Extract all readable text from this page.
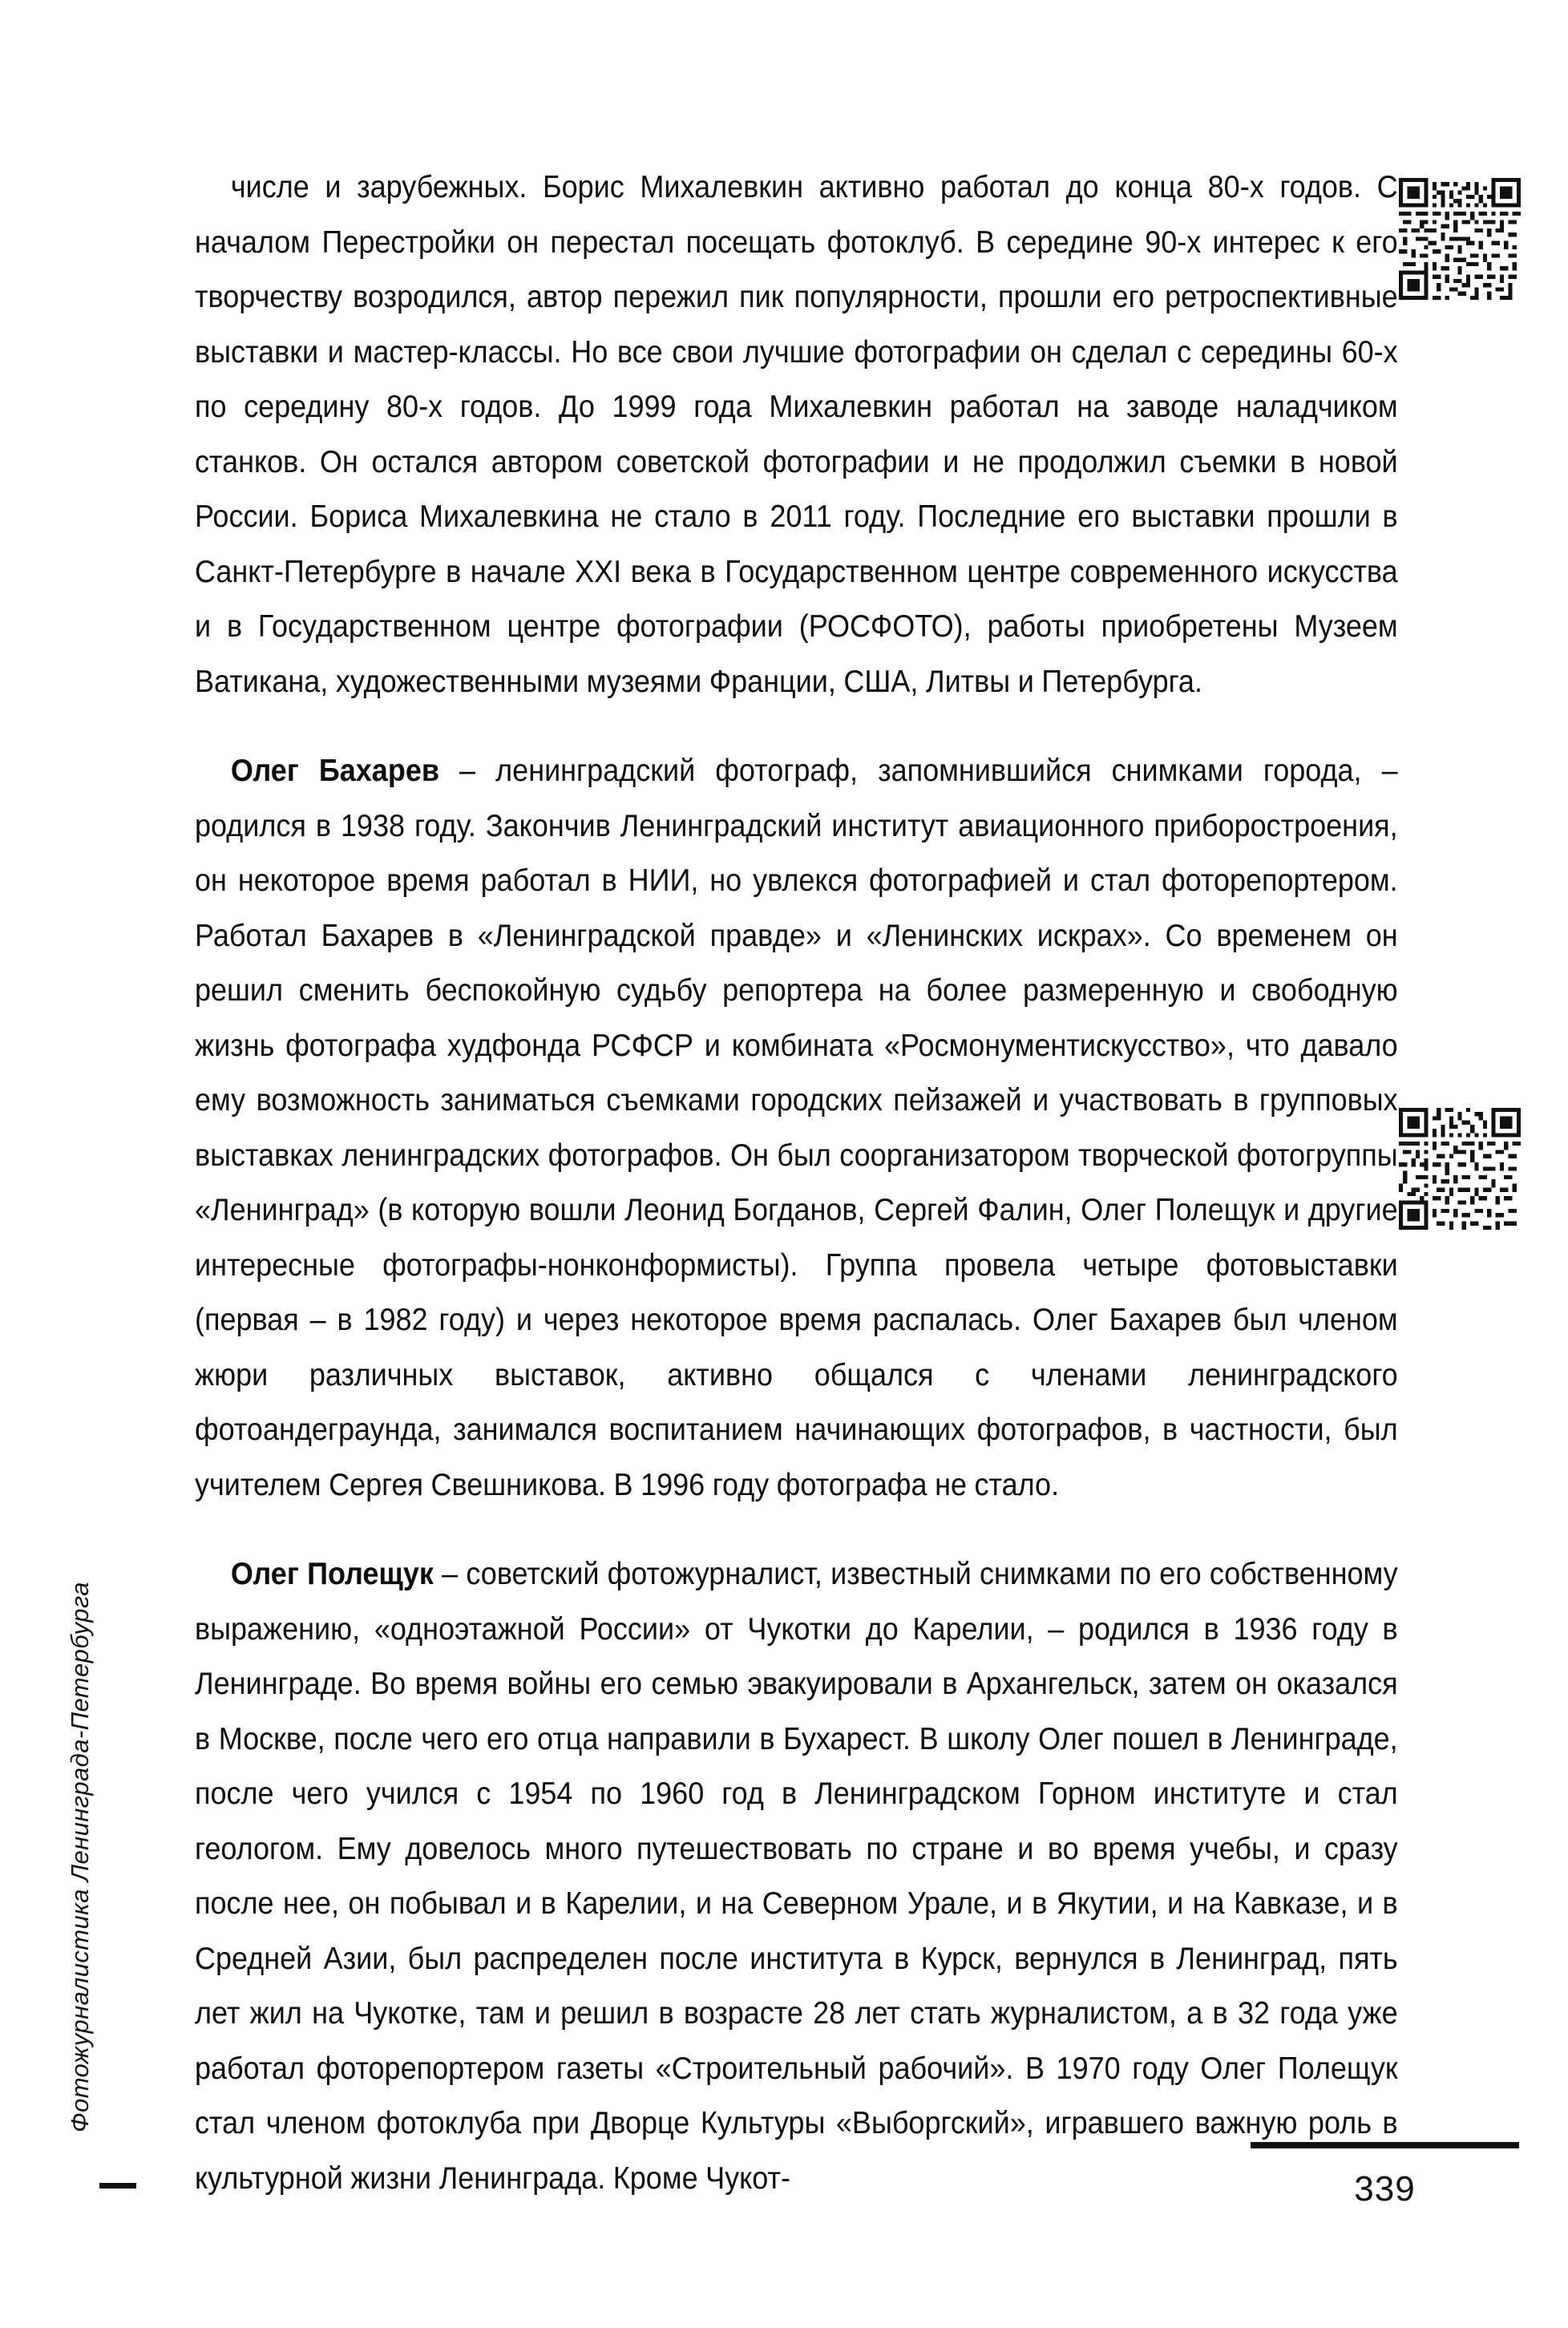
Фотожурналистика Ленинграда-Петербурга

числе и зарубежных. Борис Михалевкин активно работал до конца 80-х годов. С началом Перестройки он перестал посещать фотоклуб. В середине 90-х интерес к его творчеству возродился, автор пережил пик популярности, прошли его ретроспективные выставки и мастер-классы. Но все свои лучшие фотографии он сделал с середины 60-х по середину 80-х годов. До 1999 года Михалевкин работал на заводе наладчиком станков. Он остался автором советской фотографии и не продолжил съемки в новой России. Бориса Михалевкина не стало в 2011 году. Последние его выставки прошли в Санкт-Петербурге в начале XXI века в Государственном центре современного искусства и в Государственном центре фотографии (РОСФОТО), работы приобретены Музеем Ватикана, художественными музеями Франции, США, Литвы и Петербурга.

Олег Бахарев – ленинградский фотограф, запомнившийся снимками города, – родился в 1938 году. Закончив Ленинградский институт авиационного приборостроения, он некоторое время работал в НИИ, но увлекся фотографией и стал фоторепортером. Работал Бахарев в «Ленинградской правде» и «Ленинских искрах». Со временем он решил сменить беспокойную судьбу репортера на более размеренную и свободную жизнь фотографа худфонда РСФСР и комбината «Росмонументискусство», что давало ему возможность заниматься съемками городских пейзажей и участвовать в групповых выставках ленинградских фотографов. Он был соорганизатором творческой фотогруппы «Ленинград» (в которую вошли Леонид Богданов, Сергей Фалин, Олег Полещук и другие интересные фотографы-нонконформисты). Группа провела четыре фотовыставки (первая – в 1982 году) и через некоторое время распалась. Олег Бахарев был членом жюри различных выставок, активно общался с членами ленинградского фотоандеграунда, занимался воспитанием начинающих фотографов, в частности, был учителем Сергея Свешникова. В 1996 году фотографа не стало.

Олег Полещук – советский фотожурналист, известный снимками по его собственному выражению, «одноэтажной России» от Чукотки до Карелии, – родился в 1936 году в Ленинграде. Во время войны его семью эвакуировали в Архангельск, затем он оказался в Москве, после чего его отца направили в Бухарест. В школу Олег пошел в Ленинграде, после чего учился с 1954 по 1960 год в Ленинградском Горном институте и стал геологом. Ему довелось много путешествовать по стране и во время учебы, и сразу после нее, он побывал и в Карелии, и на Северном Урале, и в Якутии, и на Кавказе, и в Средней Азии, был распределен после института в Курск, вернулся в Ленинград, пять лет жил на Чукотке, там и решил в возрасте 28 лет стать журналистом, а в 32 года уже работал фоторепортером газеты «Строительный рабочий». В 1970 году Олег Полещук стал членом фотоклуба при Дворце Культуры «Выборгский», игравшего важную роль в культурной жизни Ленинграда. Кроме Чукот-	339
